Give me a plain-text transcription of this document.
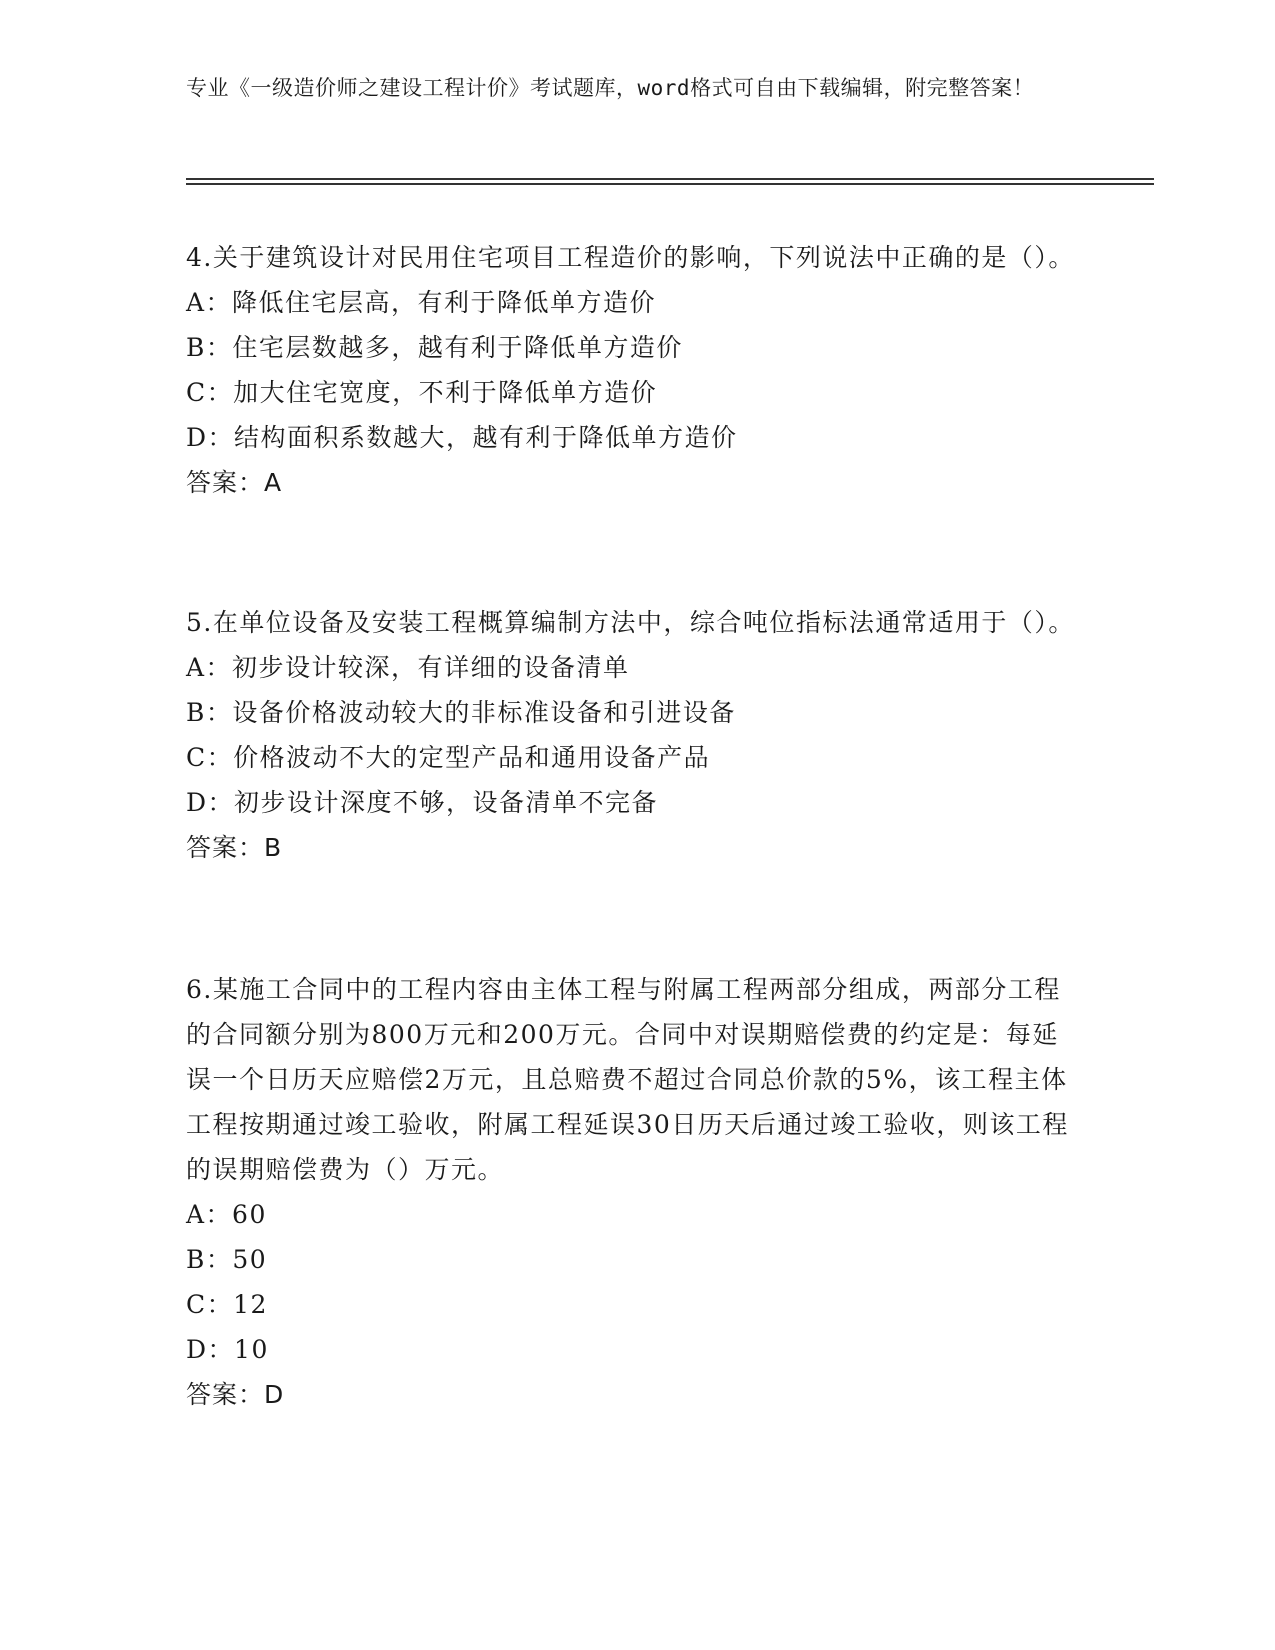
专业《一级造价师之建设工程计价》考试题库，word格式可自由下载编辑，附完整答案！

4.关于建筑设计对民用住宅项目工程造价的影响，下列说法中正确的是（）。

A：降低住宅层高，有利于降低单方造价

B：住宅层数越多，越有利于降低单方造价

C：加大住宅宽度，不利于降低单方造价

D：结构面积系数越大，越有利于降低单方造价

答案：A

5.在单位设备及安装工程概算编制方法中，综合吨位指标法通常适用于（）。

A：初步设计较深，有详细的设备清单

B：设备价格波动较大的非标准设备和引进设备

C：价格波动不大的定型产品和通用设备产品

D：初步设计深度不够，设备清单不完备

答案：B

6.某施工合同中的工程内容由主体工程与附属工程两部分组成，两部分工程的合同额分别为800万元和200万元。合同中对误期赔偿费的约定是：每延误一个日历天应赔偿2万元，且总赔费不超过合同总价款的5%，该工程主体工程按期通过竣工验收，附属工程延误30日历天后通过竣工验收，则该工程的误期赔偿费为（）万元。

A：60

B：50

C：12

D：10

答案：D
